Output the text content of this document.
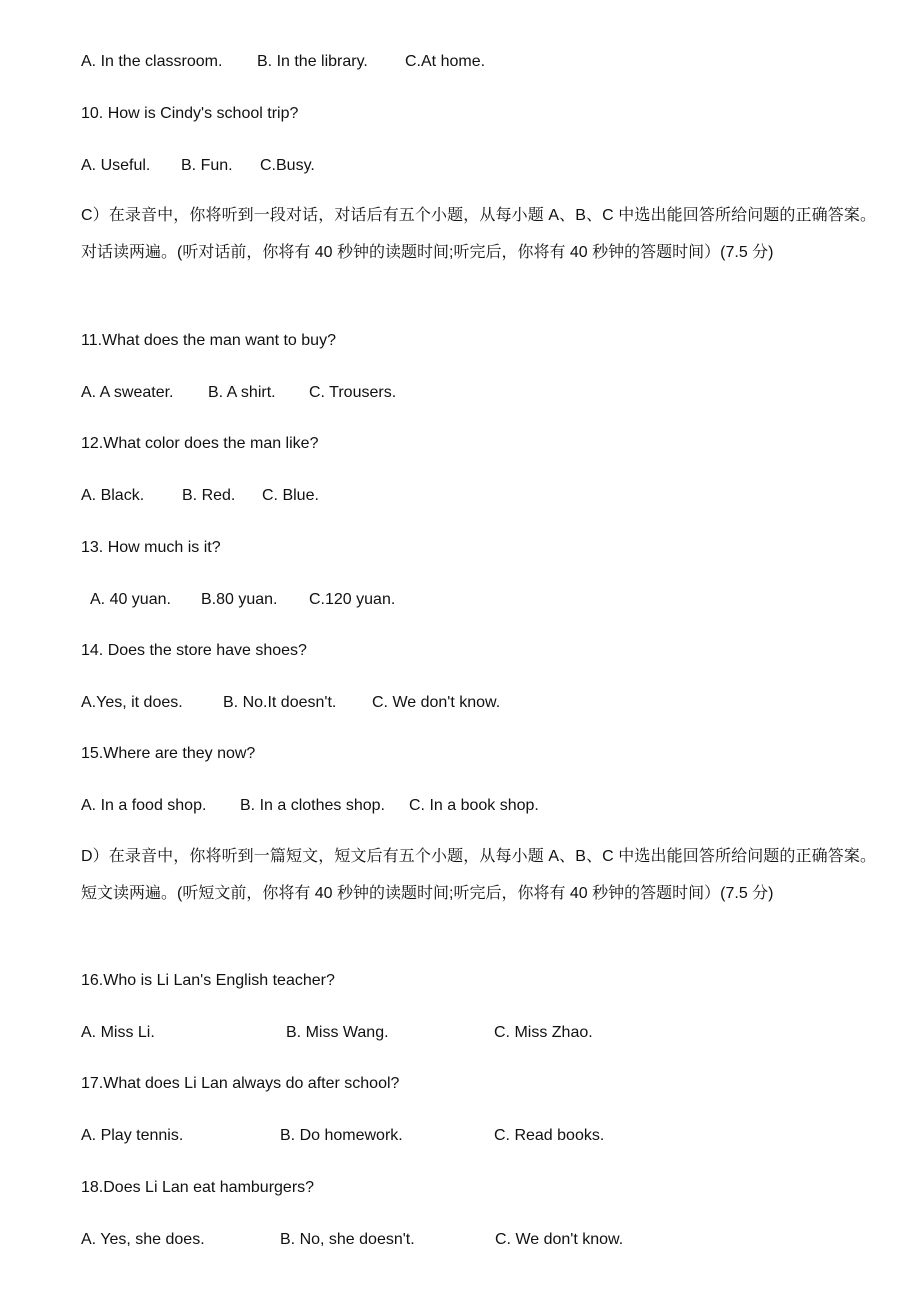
A. In the classroom. B. In the library. C.At home.
10. How is Cindy's school trip?
A. Useful. B. Fun. C.Busy.
C）在录音中，你将听到一段对话，对话后有五个小题，从每小题 A、B、C 中选出能回答所给问题的正确答案。对话读两遍。(听对话前，你将有 40 秒钟的读题时间;听完后，你将有 40 秒钟的答题时间）(7.5 分)
11.What does the man want to buy?
A. A sweater. B. A shirt. C. Trousers.
12.What color does the man like?
A. Black. B. Red. C. Blue.
13. How much is it?
A. 40 yuan. B.80 yuan. C.120 yuan.
14. Does the store have shoes?
A.Yes, it does.	B. No.It doesn't. C. We don't know.
15.Where are they now?
A. In a food shop. B. In a clothes shop. C. In a book shop.
D）在录音中，你将听到一篇短文，短文后有五个小题，从每小题 A、B、C 中选出能回答所给问题的正确答案。短文读两遍。(听短文前，你将有 40 秒钟的读题时间;听完后，你将有 40 秒钟的答题时间）(7.5 分)
16.Who is Li Lan's English teacher?
A. Miss Li.	B. Miss Wang.	C. Miss Zhao.
17.What does Li Lan always do after school?
A. Play tennis.	B. Do homework.	C. Read books.
18.Does Li Lan eat hamburgers?
A. Yes, she does.	B. No, she doesn't.	C. We don't know.
